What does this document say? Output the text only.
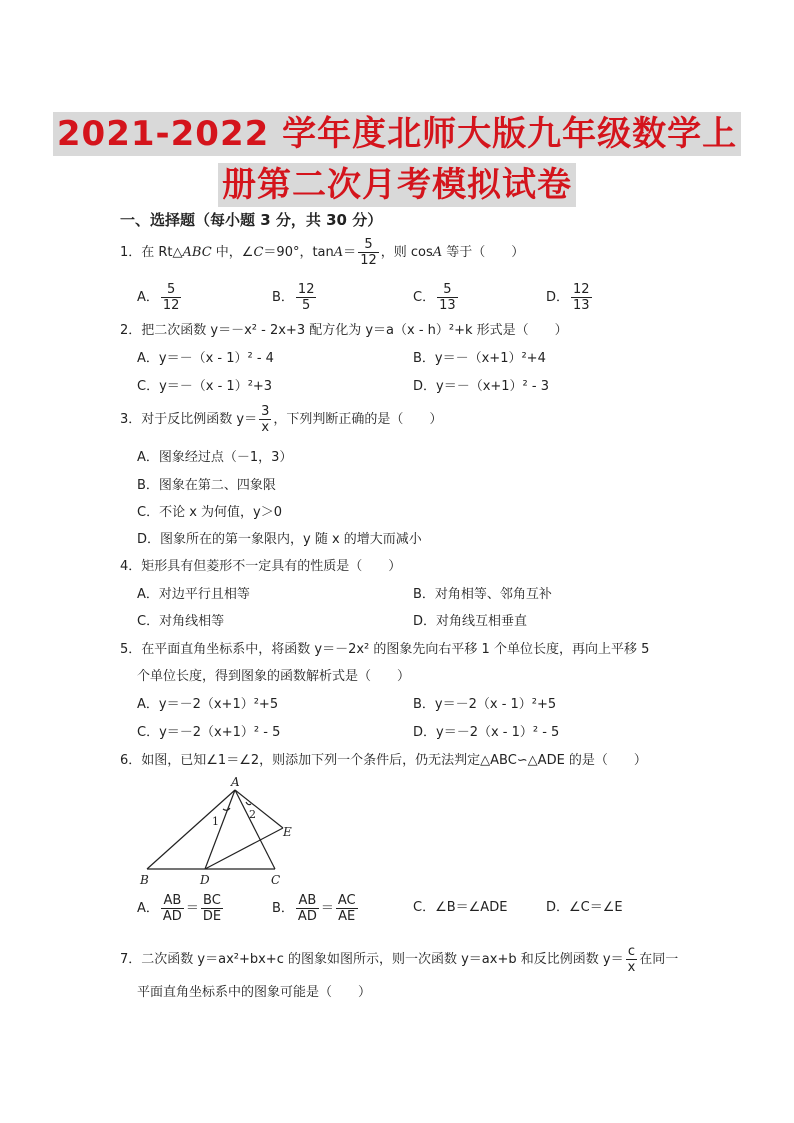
2021-2022 学年度北师大版九年级数学上
册第二次月考模拟试卷
一、选择题（每小题 3 分，共 30 分）
1．在 Rt△ABC 中，∠C＝90°，$\tan A= \frac{5}{12}$ ，则 cosA 等于（　　）
A． $\frac{5}{12}$	B． $\frac{12}{5}$	C． $\frac{5}{13}$	D． $\frac{12}{13}$
2．把二次函数 y＝－x² - 2x+3 配方化为 y＝a（x - h）²+k 形式是（　　）
A．y＝－（x - 1）² - 4	B．y＝－（x+1）²+4
C．y＝－（x - 1）²+3	D．y＝－（x+1）² - 3
3．对于反比例函数 $y= \frac{3}{x}$ ，下列判断正确的是（　　）
A．图象经过点（－1，3）
B．图象在第二、四象限
C．不论 x 为何值，y＞0
D．图象所在的第一象限内，y 随 x 的增大而减小
4．矩形具有但菱形不一定具有的性质是（　　）
A．对边平行且相等	B．对角相等、邻角互补
C．对角线相等	D．对角线互相垂直
5．在平面直角坐标系中，将函数 y＝－2x² 的图象先向右平移 1 个单位长度，再向上平移 5
个单位长度，得到图象的函数解析式是（　　）
A．y＝－2（x+1）²+5	B．y＝－2（x - 1）²+5
C．y＝－2（x+1）² - 5	D．y＝－2（x - 1）² - 5
6．如图，已知∠1＝∠2，则添加下列一个条件后，仍无法判定△ABC∽△ADE 的是（　　）
A
B	C
D
E
1
2
A． $\frac{AB}{AD} = \frac{BC}{DE}$	B． $\frac{AB}{AD} = \frac{AC}{AE}$	C．∠B＝∠ADE	D．∠C＝∠E
7．二次函数 y＝ax²+bx+c 的图象如图所示，则一次函数 y＝ax+b 和反比例函数 $y= \frac{c}{x}$ 在同一
平面直角坐标系中的图象可能是（　　）
